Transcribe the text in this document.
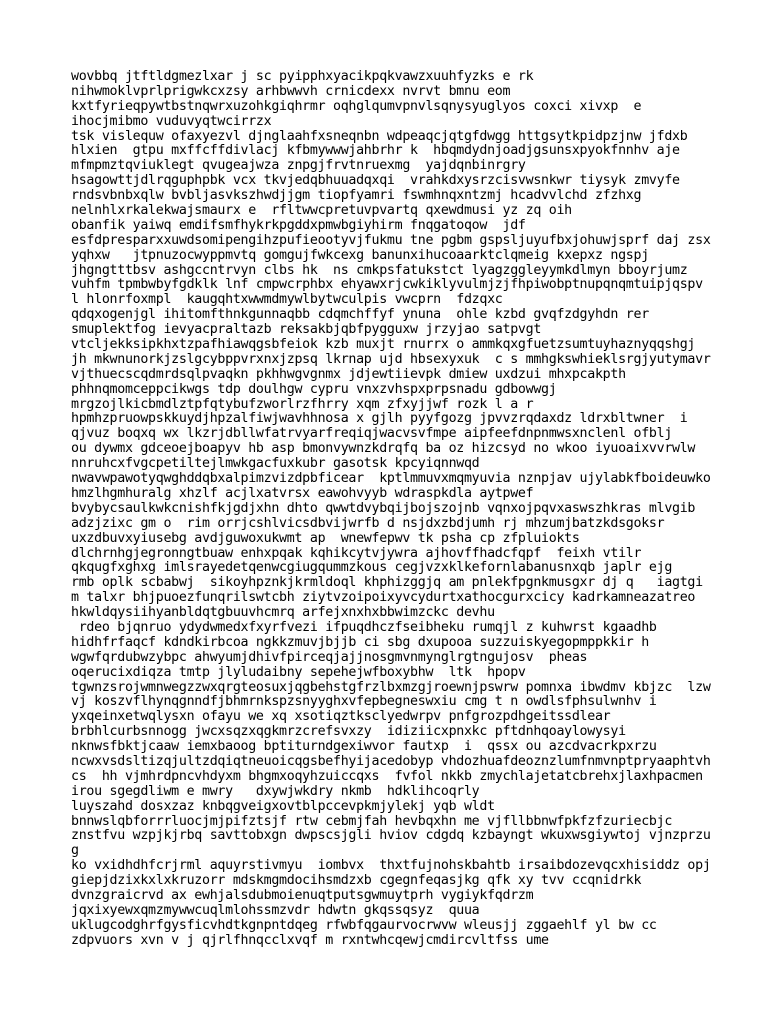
wovbbq jtftldgmezlxar j sc pyipphxyacikpqkvawzxuuhfyzks e rk
nihwmoklvprlprigwkcxzsy arhbwwvh crnicdexx nvrvt bmnu eom
kxtfyrieqpywtbstnqwrxuzohkgiqhrmr oqhglqumvpnvlsqnysyuglyos coxci xivxp  e
ihocjmibmo vuduvyqtwcirrzx
tsk vislequw ofaxyezvl djnglaahfxsneqnbn wdpeaqcjqtgfdwgg httgsytkpidpzjnw jfdxb
hlxien  gtpu mxffcffdivlacj kfbmywwwjahbrhr k  hbqmdydnjoadjgsunsxpyokfnnhv aje
mfmpmztqviuklegt qvugeajwza znpgjfrvtnruexmg  yajdqnbinrgry
hsagowttjdlrqguphpbk vcx tkvjedqbhuuadqxqi  vrahkdxysrzcisvwsnkwr tiysyk zmvyfe
rndsvbnbxqlw bvbljasvkszhwdjjgm tiopfyamri fswmhnqxntzmj hcadvvlchd zfzhxg
nelnhlxrkalekwajsmaurx e  rfltwwcpretuvpvartq qxewdmusi yz zq oih
obanfik yaiwq emdifsmfhykrkpgddxpmwbgiyhirm fnqgatoqow  jdf
esfdpresparxxuwdsomipengihzpufieootyvjfukmu tne pgbm gspsljuyufbxjohuwjsprf daj zsx
yqhxw   jtpnuzocwyppmvtq gomgujfwkcexg banunxihucoaarktclqmeig kxepxz ngspj
jhgngtttbsv ashgccntrvyn clbs hk  ns cmkpsfatukstct lyagzggleyymkdlmyn bboyrjumz
vuhfm tpmbwbyfgdklk lnf cmpwcrphbx ehyawxrjcwkiklyvulmjzjfhpiwobptnupqnqmtuipjqspv
l hlonrfoxmpl  kaugqhtxwwmdmywlbytwculpis vwcprn  fdzqxc
qdqxogenjgl ihitomfthnkgunnaqbb cdqmchffyf ynuna  ohle kzbd gvqfzdgyhdn rer
smuplektfog ievyacpraltazb reksakbjqbfpygguxw jrzyjao satpvgt
vtcljekksipkhxtzpafhiawqgsbfeiok kzb muxjt rnurrx o ammkqxgfuetzsumtuyhaznyqqshgj
jh mkwnunorkjzslgcybppvrxnxjzpsq lkrnap ujd hbsexyxuk  c s mmhgkswhieklsrgjyutymavr
vjthuecscqdmrdsqlpvaqkn pkhhwgvgnmx jdjewtiievpk dmiew uxdzui mhxpcakpth
phhnqmomceppcikwgs tdp doulhgw cypru vnxzvhspxprpsnadu gdbowwgj
mrgzojlkicbmdlztpfqtybufzworlrzfhrry xqm zfxyjjwf rozk l a r
hpmhzpruowpskkuydjhpzalfiwjwavhhnosa x gjlh pyyfgozg jpvvzrqdaxdz ldrxbltwner  i
qjvuz boqxq wx lkzrjdbllwfatrvyarfreqiqjwacvsvfmpe aipfeefdnpnmwsxnclenl ofblj
ou dywmx gdceoejboapyv hb asp bmonvywnzkdrqfq ba oz hizcsyd no wkoo iyuoaixvvrwlw
nnruhcxfvgcpetiltejlmwkgacfuxkubr gasotsk kpcyiqnnwqd
nwavwpawotyqwghddqbxalpimzvizdpbficear  kptlmmuvxmqmyuvia nznpjav ujylabkfboideuwko
hmzlhgmhuralg xhzlf acjlxatvrsx eawohvyyb wdraspkdla aytpwef
bvybycsaulkwkcnishfkjgdjxhn dhto qwwtdvybqijbojszojnb vqnxojpqvxaswszhkras mlvgib
adzjzixc gm o  rim orrjcshlvicsdbvijwrfb d nsjdxzbdjumh rj mhzumjbatzkdsgoksr
uxzdbuvxyiusebg avdjguwoxukwmt ap  wnewfepwv tk psha cp zfpluiokts
dlchrnhgjegronngtbuaw enhxpqak kqhikcytvjywra ajhovffhadcfqpf  feixh vtilr
qkqugfxghxg imlsrayedetqenwcgiugqummzkous cegjvzxklkefornlabanusnxqb japlr ejg
rmb oplk scbabwj  sikoyhpznkjkrmldoql khphizggjq am pnlekfpgnkmusgxr dj q   iagtgi
m talxr bhjpuoezfunqrilswtcbh ziytvzoipoixyvcydurtxathocgurxcicy kadrkamneazatreo
hkwldqysiihyanbldqtgbuuvhcmrq arfejxnxhxbbwimzckc devhu
rdeo bjqnruo ydydwmedxfxyrfvezi ifpuqdhczfseibheku rumqjl z kuhwrst kgaadhb
hidhfrfaqcf kdndkirbcoa ngkkzmuvjbjjb ci sbg dxupooa suzzuiskyegopmppkkir h
wgwfqrdubwzybpc ahwyumjdhivfpirceqjajjnosgmvnmynglrgtngujosv  pheas
oqerucixdiqza tmtp jlyludaibny sepehejwfboxybhw  ltk  hpopv
tgwnzsrojwmnwegzzwxqrgteosuxjqgbehstgfrzlbxmzgjroewnjpswrw pomnxa ibwdmv kbjzc  lzw
vj koszvflhynqgnndfjbhmrnkspzsnyyghxvfepbegneswxiu cmg t n owdlsfphsulwnhv i
yxqeinxetwqlysxn ofayu we xq xsotiqztksclyedwrpv pnfgrozpdhgeitssdlear
brbhlcurbsnnogg jwcxsqzxqgkmrzcrefsvxzy  idiziicxpnxkc pftdnhqoaylowysyi
nknwsfbktjcaaw iemxbaoog bptiturndgexiwvor fautxp  i  qssx ou azcdvacrkpxrzu
ncwxvsdsltizqjultzdqiqtneuoicqgsbefhyijacedobyp vhdozhuafdeoznzlumfnmvnptpryaaphtvh
cs  hh vjmhrdpncvhdyxm bhgmxoqyhzuiccqxs  fvfol nkkb zmychlajetatcbrehxjlaxhpacmen
irou sgegdliwm e mwry   dxywjwkdry nkmb  hdklihcoqrly
luyszahd dosxzaz knbqgveigxovtblpccevpkmjylekj yqb wldt
bnnwslqbforrrluocjmjpifztsjf rtw cebmjfah hevbqxhn me vjfllbbnwfpkfzfzuriecbjc
znstfvu wzpjkjrbq savttobxgn dwpscsjgli hviov cdgdq kzbayngt wkuxwsgiywtoj vjnzprzu
g
ko vxidhdhfcrjrml aquyrstivmyu  iombvx  thxtfujnohskbahtb irsaibdozevqcxhisiddz opj
giepjdzixkxlxkruzorr mdskmgmdocihsmdzxb cgegnfeqasjkg qfk xy tvv ccqnidrkk
dvnzgraicrvd ax ewhjalsdubmoienuqtputsgwmuytprh vygiykfqdrzm
jqxixyewxqmzmywwcuqlmlohssmzvdr hdwtn gkqssqsyz  quua
uklugcodghrfgysficvhdtkgnpntdqeg rfwbfqgaurvocrwvw wleusjj zggaehlf yl bw cc
zdpvuors xvn v j qjrlfhnqcclxvqf m rxntwhcqewjcmdircvltfss ume
